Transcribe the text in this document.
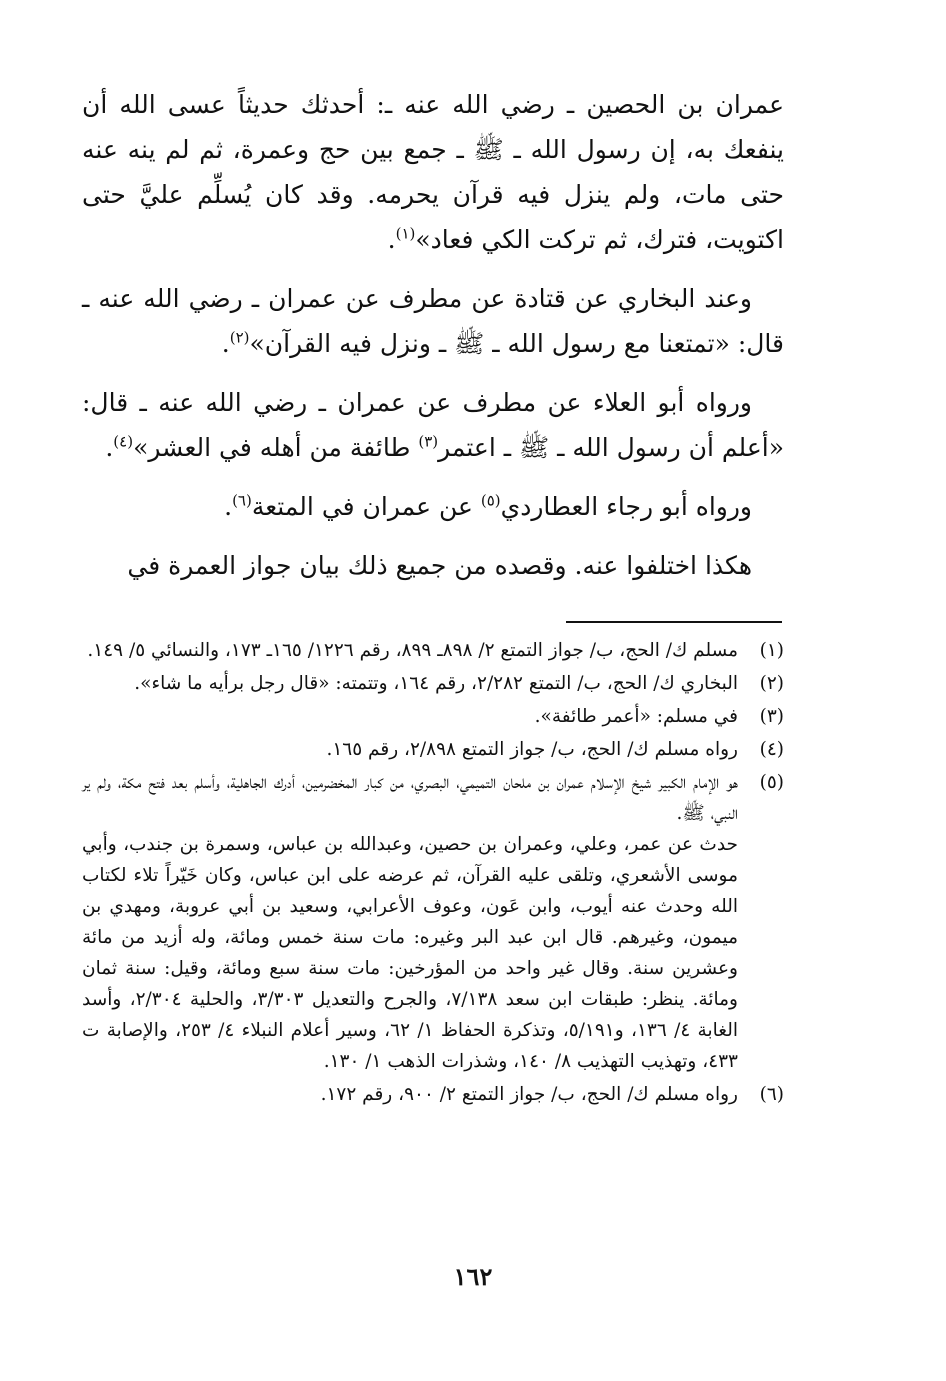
عمران بن الحصين ـ رضي الله عنه ـ: أحدثك حديثاً عسى الله أن ينفعك به، إن رسول الله ـ ﷺ ـ جمع بين حج وعمرة، ثم لم ينه عنه حتى مات، ولم ينزل فيه قرآن يحرمه. وقد كان يُسلِّم عليَّ حتى اكتويت، فترك، ثم تركت الكي فعاد»$^{(١)}$.

وعند البخاري عن قتادة عن مطرف عن عمران ـ رضي الله عنه ـ قال: «تمتعنا مع رسول الله ـ ﷺ ـ ونزل فيه القرآن»$^{(٢)}$.

ورواه أبو العلاء عن مطرف عن عمران ـ رضي الله عنه ـ قال: «أعلم أن رسول الله ـ ﷺ ـ اعتمر$^{(٣)}$ طائفة من أهله في العشر»$^{(٤)}$.

ورواه أبو رجاء العطاردي$^{(٥)}$ عن عمران في المتعة$^{(٦)}$.

هكذا اختلفوا عنه. وقصده من جميع ذلك بيان جواز العمرة في

(١)
مسلم ك/ الحج، ب/ جواز التمتع ٢/ ٨٩٨ـ ٨٩٩، رقم ١٢٢٦/ ١٦٥ـ ١٧٣، والنسائي ٥/ ١٤٩.
(٢)
البخاري ك/ الحج، ب/ التمتع ٢/٢٨٢، رقم ١٦٤، وتتمته: «قال رجل برأيه ما شاء».
(٣)
في مسلم: «أعمر طائفة».
(٤)
رواه مسلم ك/ الحج، ب/ جواز التمتع ٢/٨٩٨، رقم ١٦٥.
(٥)
هو الإمام الكبير شيخ الإسلام عمران بن ملحان التميمي، البصري، من كبار المخضرمين، أدرك الجاهلية، وأسلم بعد فتح مكة، ولم ير النبي، ﷺ.
حدث عن عمر، وعلي، وعمران بن حصين، وعبدالله بن عباس، وسمرة بن جندب، وأبي موسى الأشعري، وتلقى عليه القرآن، ثم عرضه على ابن عباس، وكان خَيّراً تلاء لكتاب الله وحدث عنه أيوب، وابن عَون، وعوف الأعرابي، وسعيد بن أبي عروبة، ومهدي بن ميمون، وغيرهم. قال ابن عبد البر وغيره: مات سنة خمس ومائة، وله أزيد من مائة وعشرين سنة. وقال غير واحد من المؤرخين: مات سنة سبع ومائة، وقيل: سنة ثمان ومائة. ينظر: طبقات ابن سعد ٧/١٣٨، والجرح والتعديل ٣/٣٠٣، والحلية ٢/٣٠٤، وأسد الغابة ٤/ ١٣٦، و٥/١٩١، وتذكرة الحفاظ ١/ ٦٢، وسير أعلام النبلاء ٤/ ٢٥٣، والإصابة ت ٤٣٣، وتهذيب التهذيب ٨/ ١٤٠، وشذرات الذهب ١/ ١٣٠.
(٦)
رواه مسلم ك/ الحج، ب/ جواز التمتع ٢/ ٩٠٠، رقم ١٧٢.
١٦٢
